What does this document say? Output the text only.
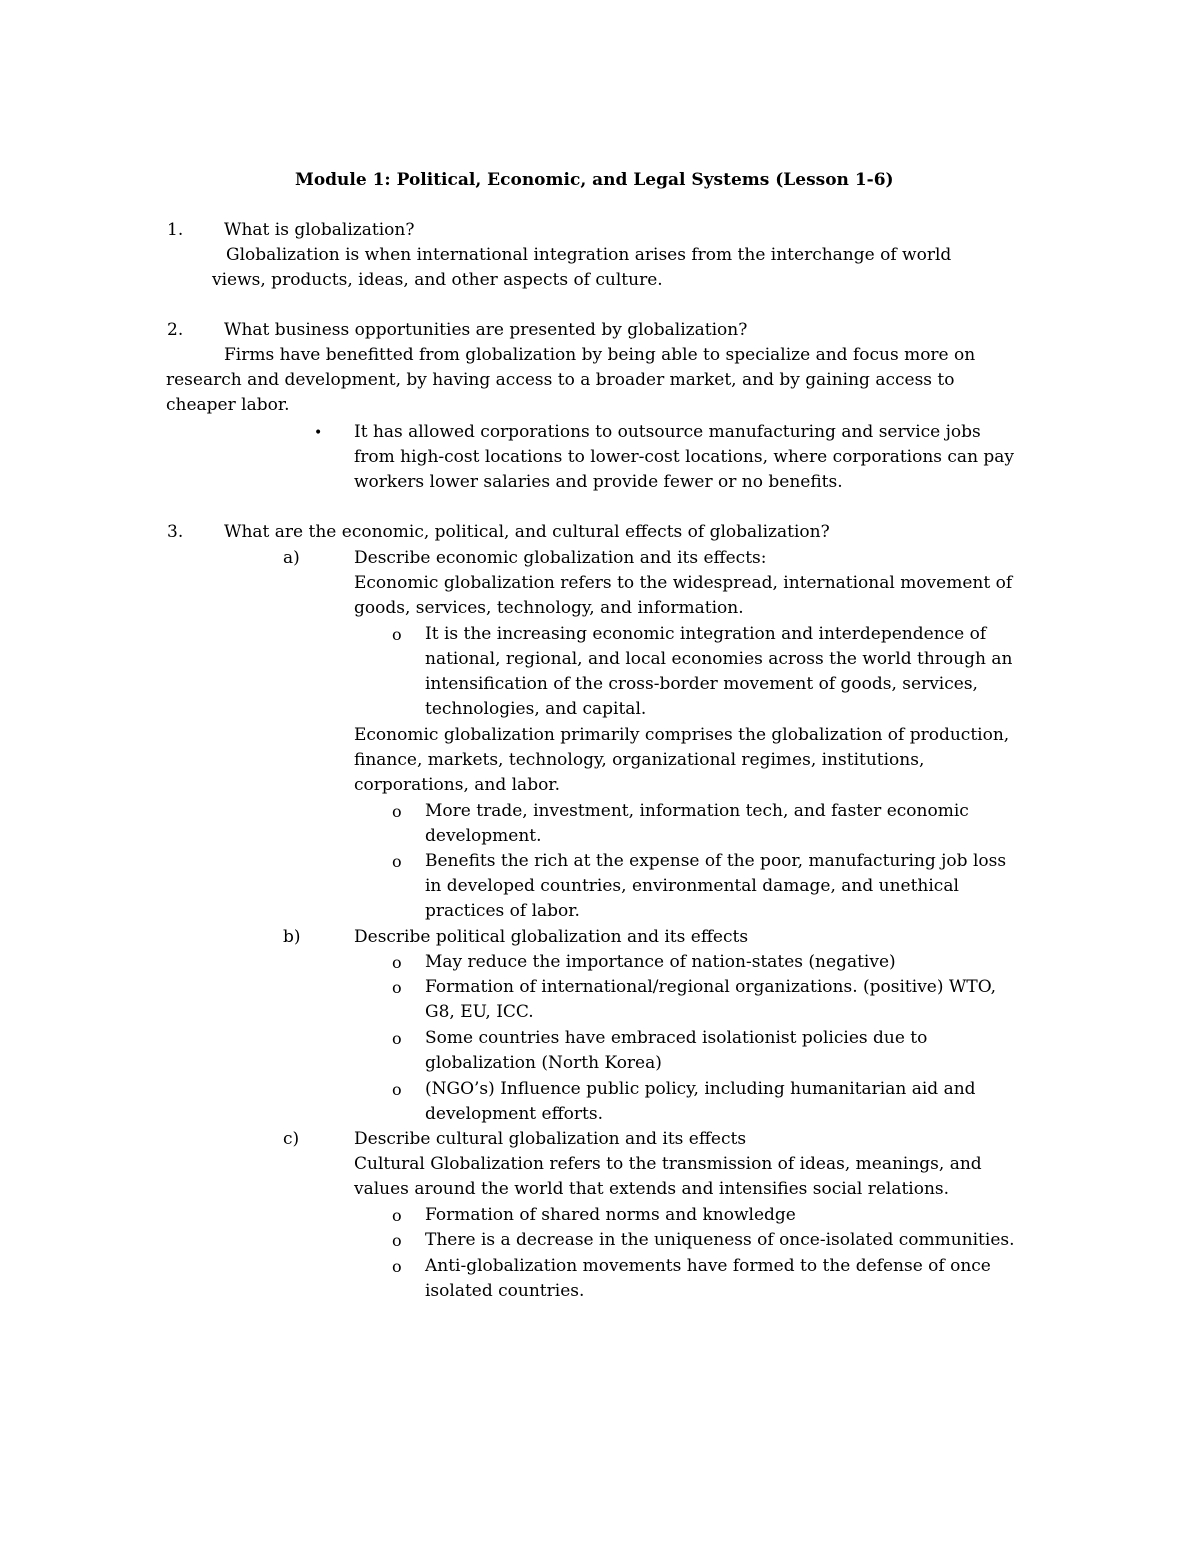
Module 1: Political, Economic, and Legal Systems (Lesson 1-6)
1. What is globalization?
Globalization is when international integration arises from the interchange of world
views, products, ideas, and other aspects of culture.
2. What business opportunities are presented by globalization?
Firms have benefitted from globalization by being able to specialize and focus more on
research and development, by having access to a broader market, and by gaining access to
cheaper labor.
• It has allowed corporations to outsource manufacturing and service jobs
from high-cost locations to lower-cost locations, where corporations can pay
workers lower salaries and provide fewer or no benefits.
3. What are the economic, political, and cultural effects of globalization?
a)	Describe economic globalization and its effects:
Economic globalization refers to the widespread, international movement of
goods, services, technology, and information.
o It is the increasing economic integration and interdependence of
national, regional, and local economies across the world through an
intensification of the cross-border movement of goods, services,
technologies, and capital.
Economic globalization primarily comprises the globalization of production,
finance, markets, technology, organizational regimes, institutions,
corporations, and labor.
o More trade, investment, information tech, and faster economic
development.
o Benefits the rich at the expense of the poor, manufacturing job loss
in developed countries, environmental damage, and unethical
practices of labor.
b)	Describe political globalization and its effects
o May reduce the importance of nation-states (negative)
o Formation of international/regional organizations. (positive) WTO,
G8, EU, ICC.
o Some countries have embraced isolationist policies due to
globalization (North Korea)
o (NGO’s) Influence public policy, including humanitarian aid and
development efforts.
c)	Describe cultural globalization and its effects
Cultural Globalization refers to the transmission of ideas, meanings, and
values around the world that extends and intensifies social relations.
o Formation of shared norms and knowledge
o There is a decrease in the uniqueness of once-isolated communities.
o Anti-globalization movements have formed to the defense of once
isolated countries.
